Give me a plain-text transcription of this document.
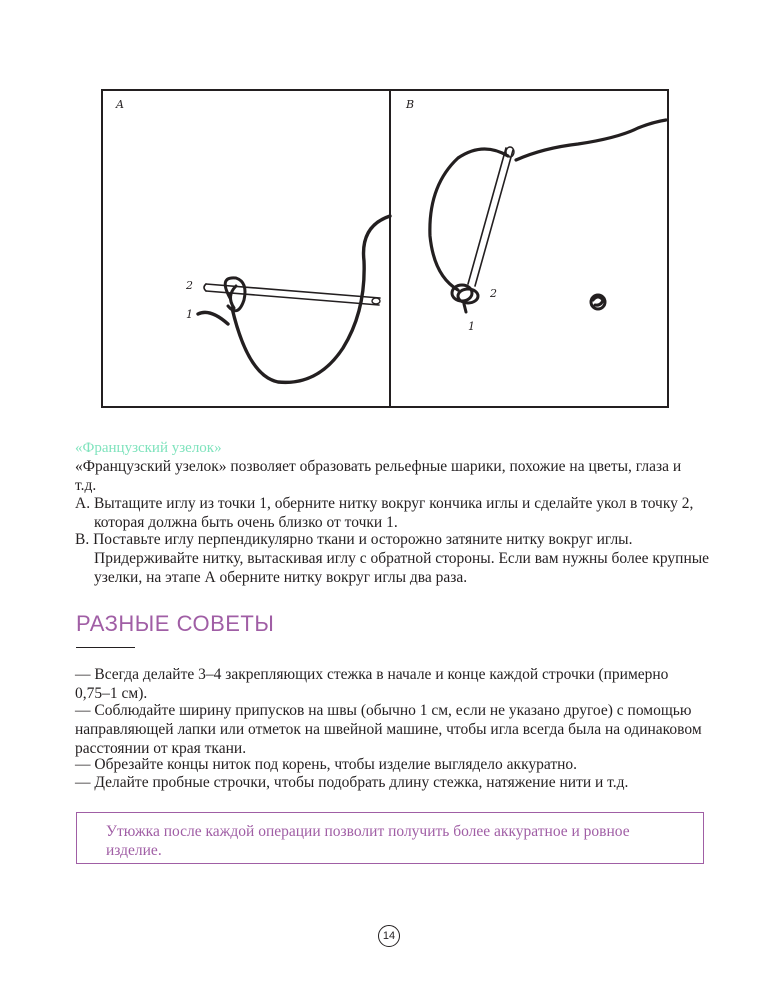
A	B
2
1
2
1
«Французский узелок»

«Французский узелок» позволяет образовать рельефные шарики, похожие на цветы, глаза и т.д.

A. Вытащите иглу из точки 1, оберните нитку вокруг кончика иглы и сделайте укол в точку 2, которая должна быть очень близко от точки 1.

B. Поставьте иглу перпендикулярно ткани и осторожно затяните нитку вокруг иглы. Придерживайте нитку, вытаскивая иглу с обратной стороны. Если вам нужны более крупные узелки, на этапе А оберните нитку вокруг иглы два раза.

РАЗНЫЕ СОВЕТЫ

— Всегда делайте 3–4 закрепляющих стежка в начале и конце каждой строчки (примерно 0,75–1 см).

— Соблюдайте ширину припусков на швы (обычно 1 см, если не указано другое) с помощью направляющей лапки или отметок на швейной машине, чтобы игла всегда была на одинаковом расстоянии от края ткани.

— Обрезайте концы ниток под корень, чтобы изделие выглядело аккуратно.

— Делайте пробные строчки, чтобы подобрать длину стежка, натяжение нити и т.д.

Утюжка после каждой операции позволит получить более аккуратное и ровное изделие.

14
